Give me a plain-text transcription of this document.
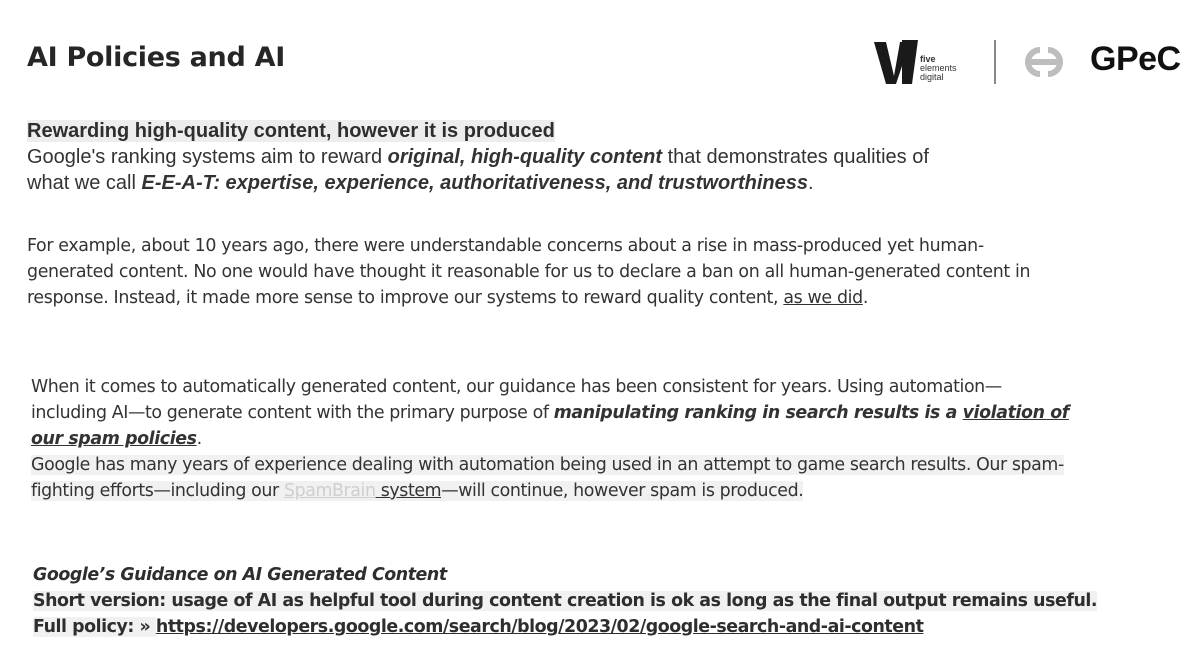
AI Policies and AI	five
elements
digital	GPeC
Rewarding high-quality content, however it is produced
Google's ranking systems aim to reward original, high-quality content that demonstrates qualities of
what we call E-E-A-T: expertise, experience, authoritativeness, and trustworthiness.
For example, about 10 years ago, there were understandable concerns about a rise in mass-produced yet human-generated content. No one would have thought it reasonable for us to declare a ban on all human-generated content in response. Instead, it made more sense to improve our systems to reward quality content, as we did.
When it comes to automatically generated content, our guidance has been consistent for years. Using automation—including AI—to generate content with the primary purpose of manipulating ranking in search results is a violation of our spam policies.
Google has many years of experience dealing with automation being used in an attempt to game search results. Our spam-fighting efforts—including our SpamBrain system—will continue, however spam is produced.
Google’s Guidance on AI Generated Content
Short version: usage of AI as helpful tool during content creation is ok as long as the final output remains useful. Full policy: » https://developers.google.com/search/blog/2023/02/google-search-and-ai-content
